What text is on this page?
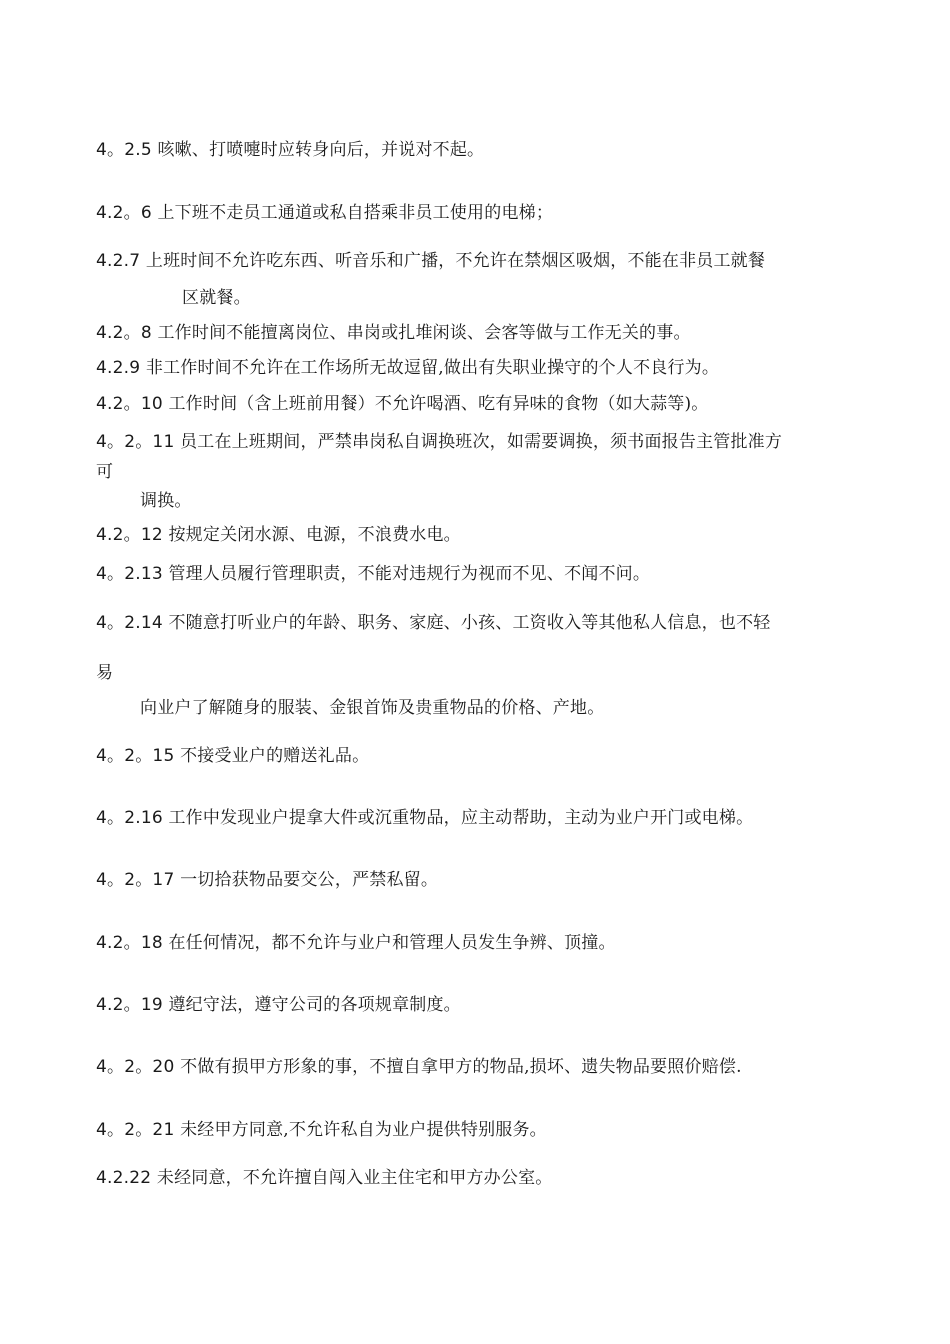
4。2.5 咳嗽、打喷嚏时应转身向后，并说对不起。
4.2。6 上下班不走员工通道或私自搭乘非员工使用的电梯；
4.2.7 上班时间不允许吃东西、听音乐和广播，不允许在禁烟区吸烟，不能在非员工就餐
区就餐。
4.2。8 工作时间不能擅离岗位、串岗或扎堆闲谈、会客等做与工作无关的事。
4.2.9 非工作时间不允许在工作场所无故逗留,做出有失职业操守的个人不良行为。
4.2。10 工作时间（含上班前用餐）不允许喝酒、吃有异味的食物（如大蒜等)。
4。2。11 员工在上班期间，严禁串岗私自调换班次，如需要调换，须书面报告主管批准方
可
调换。
4.2。12 按规定关闭水源、电源，不浪费水电。
4。2.13 管理人员履行管理职责，不能对违规行为视而不见、不闻不问。
4。2.14 不随意打听业户的年龄、职务、家庭、小孩、工资收入等其他私人信息，也不轻
易
向业户了解随身的服装、金银首饰及贵重物品的价格、产地。
4。2。15 不接受业户的赠送礼品。
4。2.16 工作中发现业户提拿大件或沉重物品，应主动帮助，主动为业户开门或电梯。
4。2。17 一切拾获物品要交公，严禁私留。
4.2。18 在任何情况，都不允许与业户和管理人员发生争辨、顶撞。
4.2。19 遵纪守法，遵守公司的各项规章制度。
4。2。20 不做有损甲方形象的事，不擅自拿甲方的物品,损坏、遗失物品要照价赔偿.
4。2。21 未经甲方同意,不允许私自为业户提供特别服务。
4.2.22 未经同意，不允许擅自闯入业主住宅和甲方办公室。
